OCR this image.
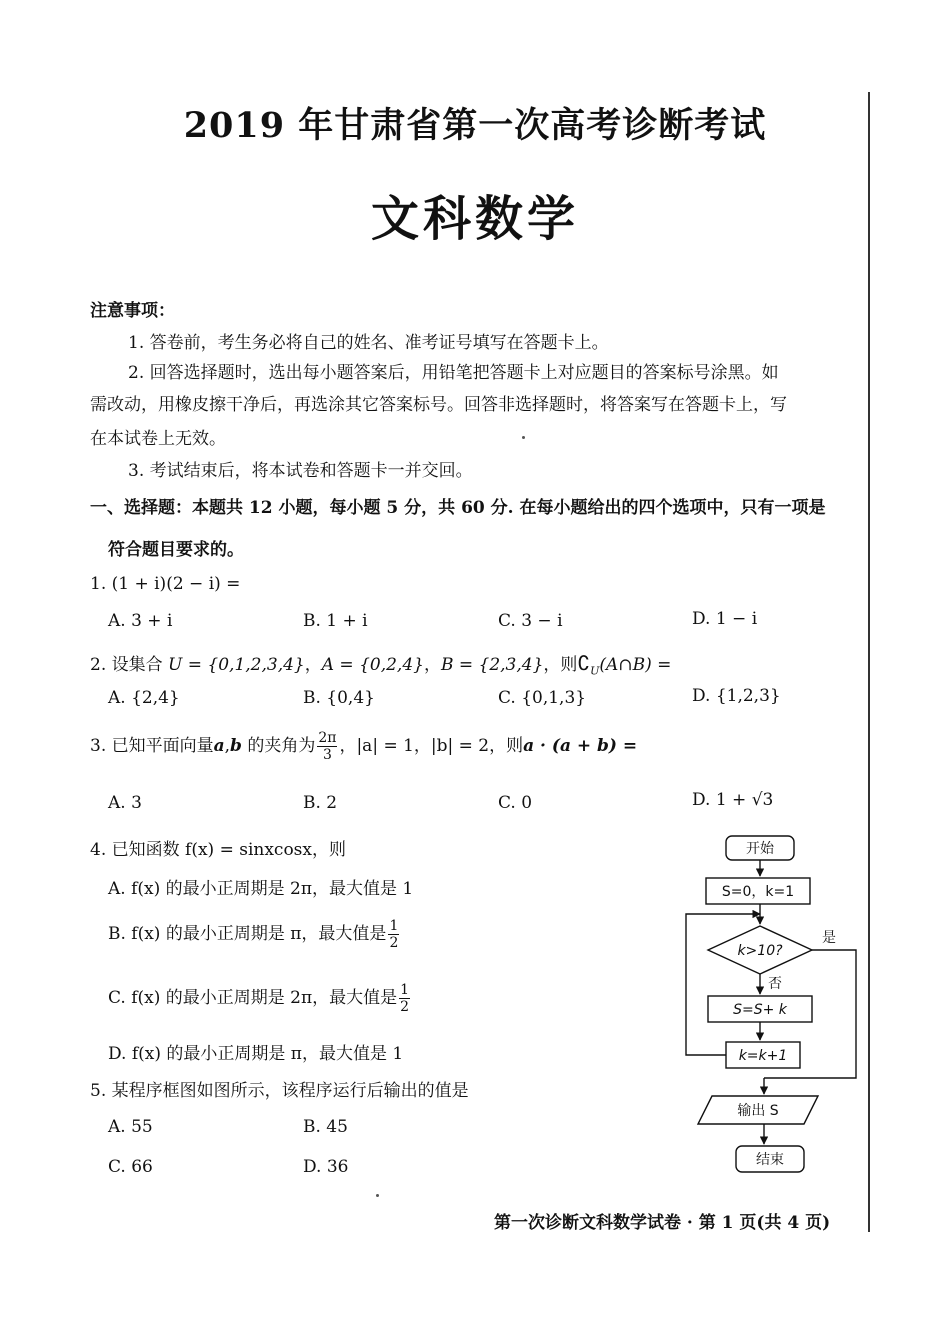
2019 年甘肃省第一次高考诊断考试
文科数学
注意事项：
1. 答卷前，考生务必将自己的姓名、准考证号填写在答题卡上。
2. 回答选择题时，选出每小题答案后，用铅笔把答题卡上对应题目的答案标号涂黑。如
需改动，用橡皮擦干净后，再选涂其它答案标号。回答非选择题时，将答案写在答题卡上，写
在本试卷上无效。
3. 考试结束后，将本试卷和答题卡一并交回。
一、选择题：本题共 12 小题，每小题 5 分，共 60 分. 在每小题给出的四个选项中，只有一项是
符合题目要求的。
1. (1 + i)(2 − i) =
A. 3 + i	B. 1 + i	C. 3 − i	D. 1 − i
2. 设集合 U = {0,1,2,3,4}，A = {0,2,4}，B = {2,3,4}，则$∁_U(A\cap B)$ =
A. {2,4}	B. {0,4}	C. {0,1,3}	D. {1,2,3}
3. 已知平面向量a,b 的夹角为 $\frac{2\pi}{3}$ ，|a| = 1，|b| = 2，则a · (a + b) =
A. 3	B. 2	C. 0	D. 1 + √3
4. 已知函数 f(x) = sinxcosx，则
A. f(x) 的最小正周期是 2π，最大值是 1
B. f(x) 的最小正周期是 π，最大值是 $\frac{1}{2}$
C. f(x) 的最小正周期是 2π，最大值是 $\frac{1}{2}$
D. f(x) 的最小正周期是 π，最大值是 1
5. 某程序框图如图所示，该程序运行后输出的值是
A. 55	B. 45
C. 66	D. 36
开始
S=0，k=1
k>10?
是
否
S=S+ k
k=k+1
输出 S
结束
第一次诊断文科数学试卷 · 第 1 页(共 4 页)
